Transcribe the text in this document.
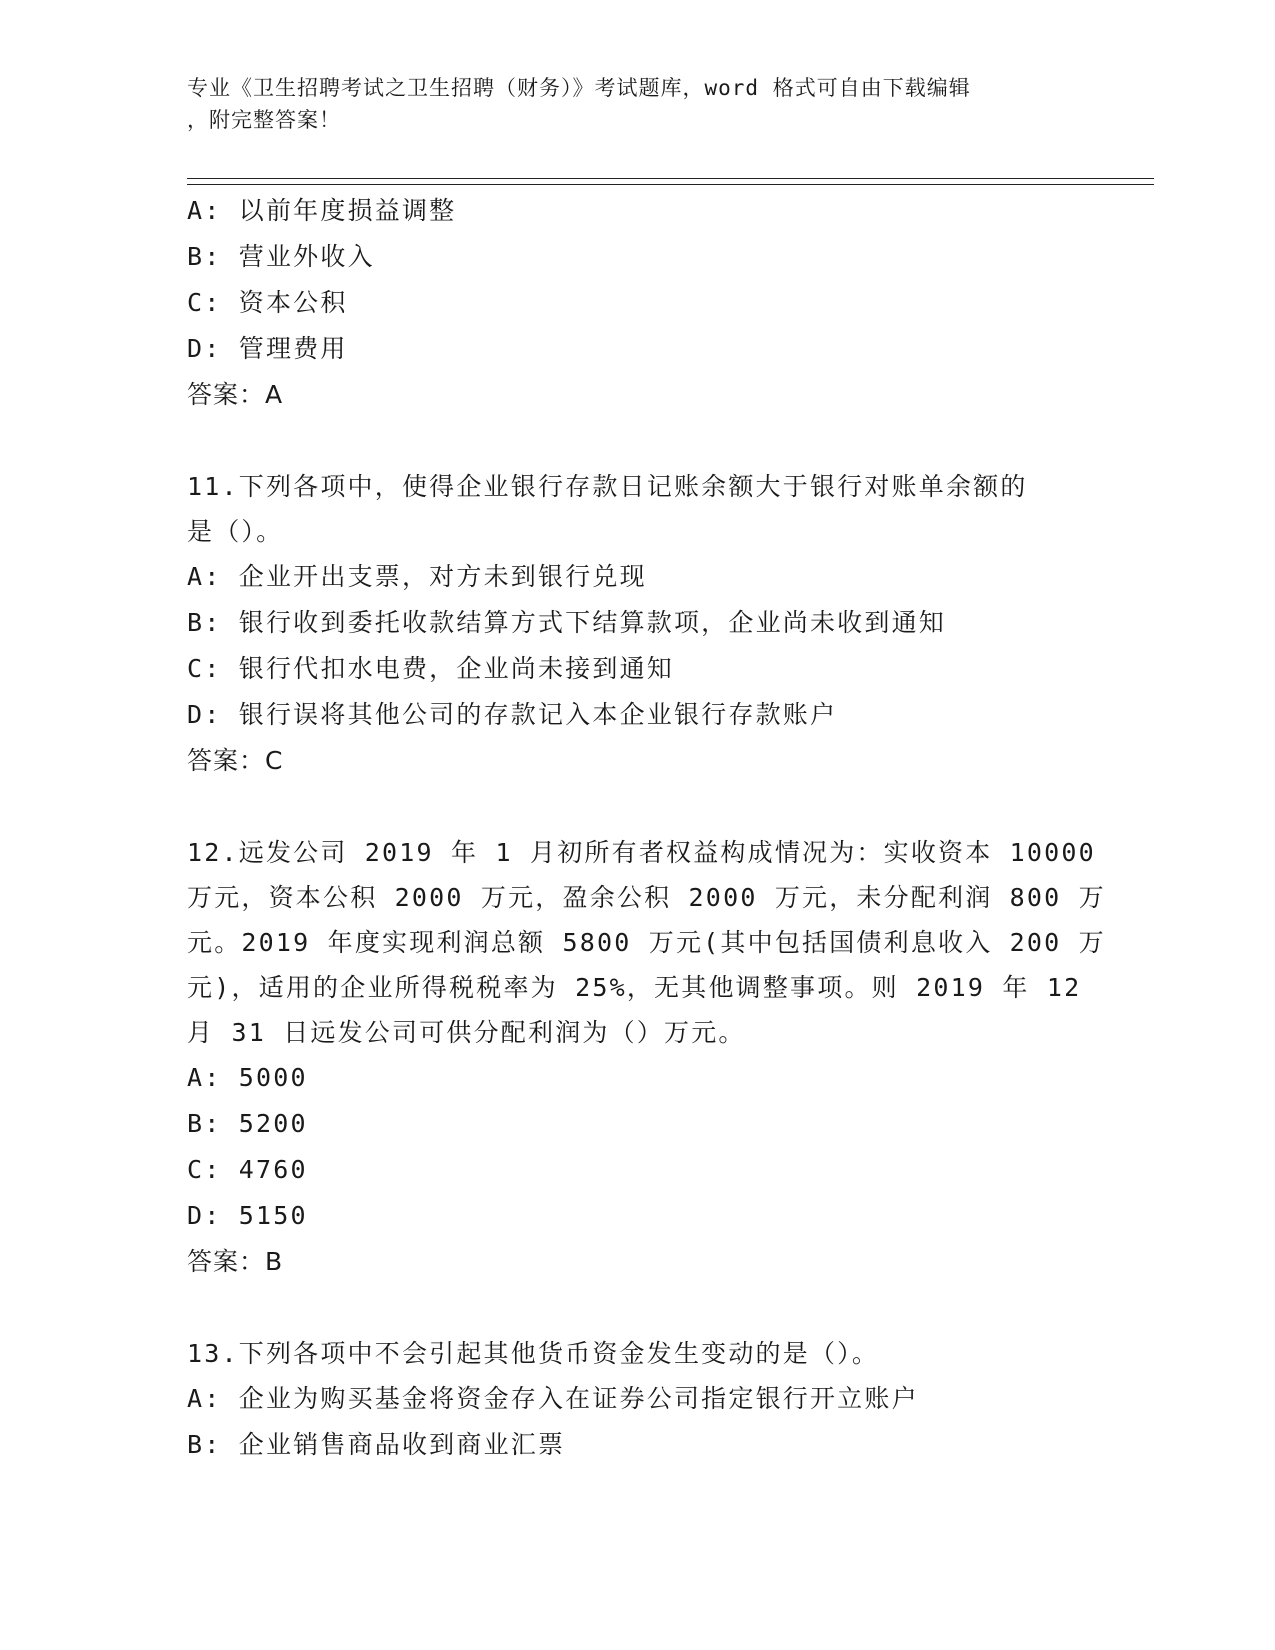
专业《卫生招聘考试之卫生招聘（财务）》考试题库，word 格式可自由下载编辑
，附完整答案！
A: 以前年度损益调整
B: 营业外收入
C: 资本公积
D: 管理费用
答案：A
11.下列各项中，使得企业银行存款日记账余额大于银行对账单余额的
是（）。
A: 企业开出支票，对方未到银行兑现
B: 银行收到委托收款结算方式下结算款项，企业尚未收到通知
C: 银行代扣水电费，企业尚未接到通知
D: 银行误将其他公司的存款记入本企业银行存款账户
答案：C
12.远发公司 2019 年 1 月初所有者权益构成情况为：实收资本 10000
万元，资本公积 2000 万元，盈余公积 2000 万元，未分配利润 800 万
元。2019 年度实现利润总额 5800 万元(其中包括国债利息收入 200 万
元)，适用的企业所得税税率为 25%，无其他调整事项。则 2019 年 12
月 31 日远发公司可供分配利润为（）万元。
A: 5000
B: 5200
C: 4760
D: 5150
答案：B
13.下列各项中不会引起其他货币资金发生变动的是（）。
A: 企业为购买基金将资金存入在证券公司指定银行开立账户
B: 企业销售商品收到商业汇票
